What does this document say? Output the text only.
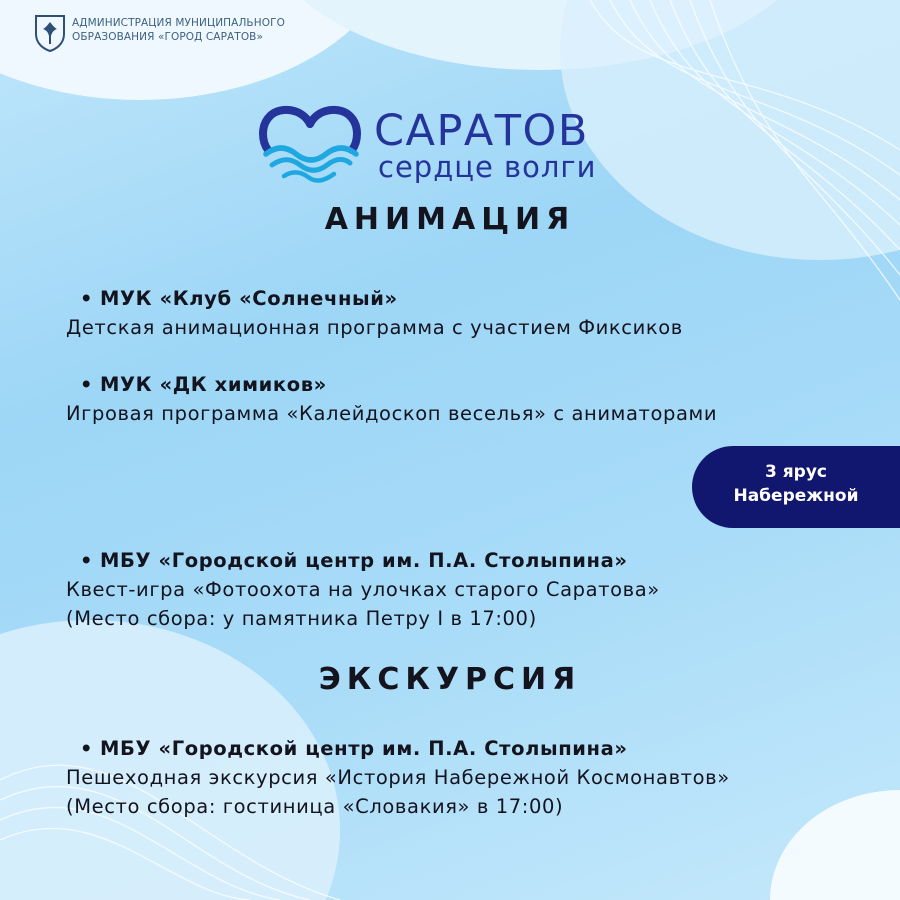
АДМИНИСТРАЦИЯ МУНИЦИПАЛЬНОГО
ОБРАЗОВАНИЯ «ГОРОД САРАТОВ»
САРАТОВ
сердце волги
АНИМАЦИЯ
• МУК «Клуб «Солнечный»
Детская анимационная программа с участием Фиксиков
• МУК «ДК химиков»
Игровая программа «Калейдоскоп веселья» с аниматорами
3 ярус
Набережной
• МБУ «Городской центр им. П.А. Столыпина»
Квест-игра «Фотоохота на улочках старого Саратова»
(Место сбора: у памятника Петру I в 17:00)
ЭКСКУРСИЯ
• МБУ «Городской центр им. П.А. Столыпина»
Пешеходная экскурсия «История Набережной Космонавтов»
(Место сбора: гостиница «Словакия» в 17:00)
